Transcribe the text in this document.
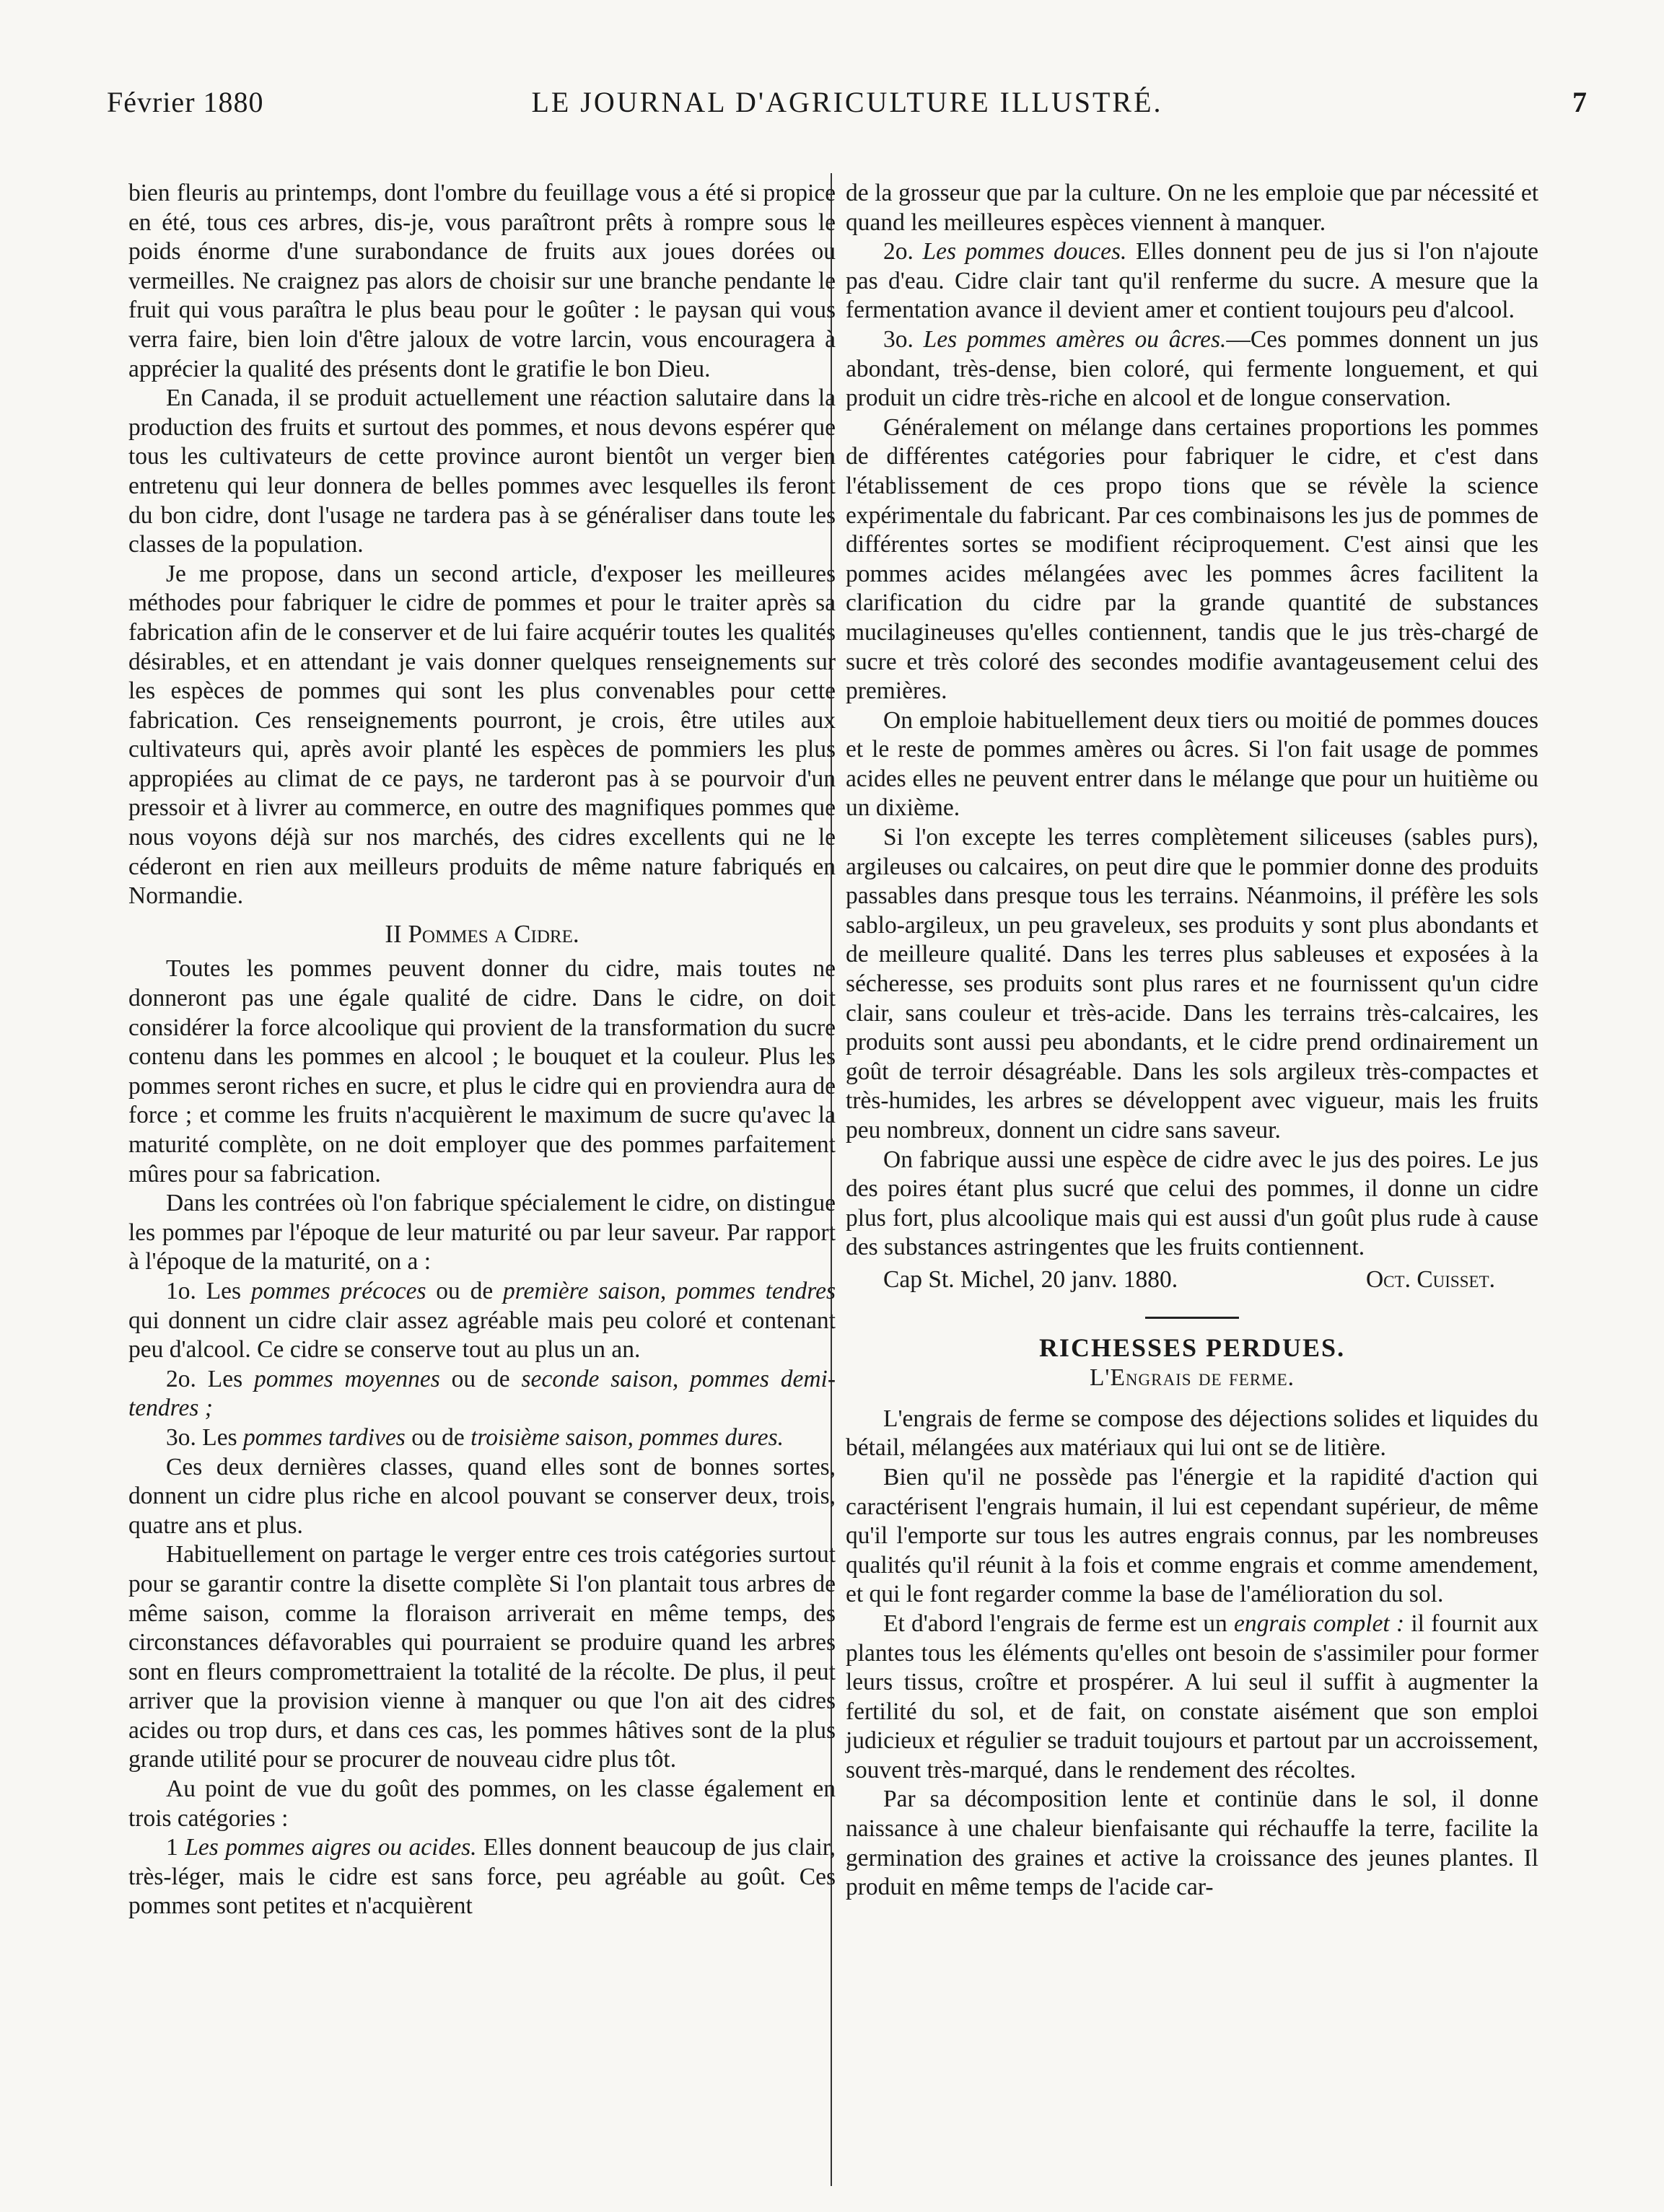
Février 1880	LE JOURNAL D'AGRICULTURE ILLUSTRÉ.	7

bien fleuris au printemps, dont l'ombre du feuillage vous a été si propice en été, tous ces arbres, dis-je, vous paraîtront prêts à rompre sous le poids énorme d'une surabondance de fruits aux joues dorées ou vermeilles. Ne craignez pas alors de choisir sur une branche pendante le fruit qui vous paraîtra le plus beau pour le goûter : le paysan qui vous verra faire, bien loin d'être jaloux de votre larcin, vous encouragera à apprécier la qualité des présents dont le gratifie le bon Dieu.

En Canada, il se produit actuellement une réaction salutaire dans la production des fruits et surtout des pommes, et nous devons espérer que tous les cultivateurs de cette province auront bientôt un verger bien entretenu qui leur donnera de belles pommes avec lesquelles ils feront du bon cidre, dont l'usage ne tardera pas à se généraliser dans toute les classes de la population.

Je me propose, dans un second article, d'exposer les meilleures méthodes pour fabriquer le cidre de pommes et pour le traiter après sa fabrication afin de le conserver et de lui faire acquérir toutes les qualités désirables, et en attendant je vais donner quelques renseignements sur les espèces de pommes qui sont les plus convenables pour cette fabrication. Ces renseignements pourront, je crois, être utiles aux cultivateurs qui, après avoir planté les espèces de pommiers les plus appropiées au climat de ce pays, ne tarderont pas à se pourvoir d'un pressoir et à livrer au commerce, en outre des magnifiques pommes que nous voyons déjà sur nos marchés, des cidres excellents qui ne le céderont en rien aux meilleurs produits de même nature fabriqués en Normandie.

II Pommes a Cidre.

Toutes les pommes peuvent donner du cidre, mais toutes ne donneront pas une égale qualité de cidre. Dans le cidre, on doit considérer la force alcoolique qui provient de la transformation du sucre contenu dans les pommes en alcool ; le bouquet et la couleur. Plus les pommes seront riches en sucre, et plus le cidre qui en proviendra aura de force ; et comme les fruits n'acquièrent le maximum de sucre qu'avec la maturité complète, on ne doit employer que des pommes parfaitement mûres pour sa fabrication.

Dans les contrées où l'on fabrique spécialement le cidre, on distingue les pommes par l'époque de leur maturité ou par leur saveur. Par rapport à l'époque de la maturité, on a :

1o. Les pommes précoces ou de première saison, pommes tendres qui donnent un cidre clair assez agréable mais peu coloré et contenant peu d'alcool. Ce cidre se conserve tout au plus un an.

2o. Les pommes moyennes ou de seconde saison, pommes demi-tendres ;

3o. Les pommes tardives ou de troisième saison, pommes dures.

Ces deux dernières classes, quand elles sont de bonnes sortes, donnent un cidre plus riche en alcool pouvant se conserver deux, trois, quatre ans et plus.

Habituellement on partage le verger entre ces trois catégories surtout pour se garantir contre la disette complète Si l'on plantait tous arbres de même saison, comme la floraison arriverait en même temps, des circonstances défavorables qui pourraient se produire quand les arbres sont en fleurs compromettraient la totalité de la récolte. De plus, il peut arriver que la provision vienne à manquer ou que l'on ait des cidres acides ou trop durs, et dans ces cas, les pommes hâtives sont de la plus grande utilité pour se procurer de nouveau cidre plus tôt.

Au point de vue du goût des pommes, on les classe également en trois catégories :

1 Les pommes aigres ou acides. Elles donnent beaucoup de jus clair, très-léger, mais le cidre est sans force, peu agréable au goût. Ces pommes sont petites et n'acquièrent

de la grosseur que par la culture. On ne les emploie que par nécessité et quand les meilleures espèces viennent à manquer.

2o. Les pommes douces. Elles donnent peu de jus si l'on n'ajoute pas d'eau. Cidre clair tant qu'il renferme du sucre. A mesure que la fermentation avance il devient amer et contient toujours peu d'alcool.

3o. Les pommes amères ou âcres.—Ces pommes donnent un jus abondant, très-dense, bien coloré, qui fermente longuement, et qui produit un cidre très-riche en alcool et de longue conservation.

Généralement on mélange dans certaines proportions les pommes de différentes catégories pour fabriquer le cidre, et c'est dans l'établissement de ces propo tions que se révèle la science expérimentale du fabricant. Par ces combinaisons les jus de pommes de différentes sortes se modifient réciproquement. C'est ainsi que les pommes acides mélangées avec les pommes âcres facilitent la clarification du cidre par la grande quantité de substances mucilagineuses qu'elles contiennent, tandis que le jus très-chargé de sucre et très coloré des secondes modifie avantageusement celui des premières.

On emploie habituellement deux tiers ou moitié de pommes douces et le reste de pommes amères ou âcres. Si l'on fait usage de pommes acides elles ne peuvent entrer dans le mélange que pour un huitième ou un dixième.

Si l'on excepte les terres complètement siliceuses (sables purs), argileuses ou calcaires, on peut dire que le pommier donne des produits passables dans presque tous les terrains. Néanmoins, il préfère les sols sablo-argileux, un peu graveleux, ses produits y sont plus abondants et de meilleure qualité. Dans les terres plus sableuses et exposées à la sécheresse, ses produits sont plus rares et ne fournissent qu'un cidre clair, sans couleur et très-acide. Dans les terrains très-calcaires, les produits sont aussi peu abondants, et le cidre prend ordinairement un goût de terroir désagréable. Dans les sols argileux très-compactes et très-humides, les arbres se développent avec vigueur, mais les fruits peu nombreux, donnent un cidre sans saveur.

On fabrique aussi une espèce de cidre avec le jus des poires. Le jus des poires étant plus sucré que celui des pommes, il donne un cidre plus fort, plus alcoolique mais qui est aussi d'un goût plus rude à cause des substances astringentes que les fruits contiennent.

Cap St. Michel, 20 janv. 1880.	Oct. Cuisset.

RICHESSES PERDUES.

L'Engrais de ferme.

L'engrais de ferme se compose des déjections solides et liquides du bétail, mélangées aux matériaux qui lui ont se de litière.

Bien qu'il ne possède pas l'énergie et la rapidité d'action qui caractérisent l'engrais humain, il lui est cependant supérieur, de même qu'il l'emporte sur tous les autres engrais connus, par les nombreuses qualités qu'il réunit à la fois et comme engrais et comme amendement, et qui le font regarder comme la base de l'amélioration du sol.

Et d'abord l'engrais de ferme est un engrais complet : il fournit aux plantes tous les éléments qu'elles ont besoin de s'assimiler pour former leurs tissus, croître et prospérer. A lui seul il suffit à augmenter la fertilité du sol, et de fait, on constate aisément que son emploi judicieux et régulier se traduit toujours et partout par un accroissement, souvent très-marqué, dans le rendement des récoltes.

Par sa décomposition lente et continüe dans le sol, il donne naissance à une chaleur bienfaisante qui réchauffe la terre, facilite la germination des graines et active la croissance des jeunes plantes. Il produit en même temps de l'acide car-
